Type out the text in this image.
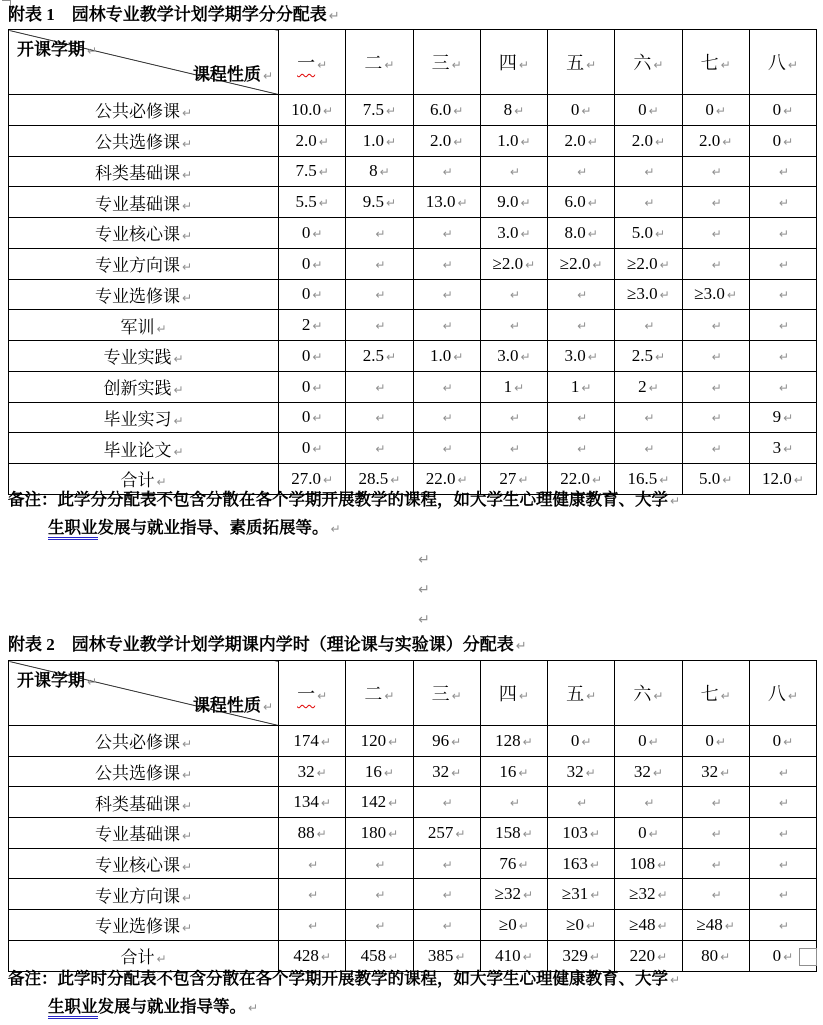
附表 1　园林专业教学计划学期学分分配表 ↵
开课学期 ↵
课程性质 ↵	一 ↵	二 ↵	三 ↵	四 ↵	五 ↵	六 ↵	七 ↵	八 ↵
公共必修课 ↵	10.0 ↵	7.5 ↵	6.0 ↵	8 ↵	0 ↵	0 ↵	0 ↵	0 ↵
公共选修课 ↵	2.0 ↵	1.0 ↵	2.0 ↵	1.0 ↵	2.0 ↵	2.0 ↵	2.0 ↵	0 ↵
科类基础课 ↵	7.5 ↵	8 ↵	↵	↵	↵	↵	↵	↵
专业基础课 ↵	5.5 ↵	9.5 ↵	13.0 ↵	9.0 ↵	6.0 ↵	↵	↵	↵
专业核心课 ↵	0 ↵	↵	↵	3.0 ↵	8.0 ↵	5.0 ↵	↵	↵
专业方向课 ↵	0 ↵	↵	↵	≥2.0 ↵	≥2.0 ↵	≥2.0 ↵	↵	↵
专业选修课 ↵	0 ↵	↵	↵	↵	↵	≥3.0 ↵	≥3.0 ↵	↵
军训 ↵	2 ↵	↵	↵	↵	↵	↵	↵	↵
专业实践 ↵	0 ↵	2.5 ↵	1.0 ↵	3.0 ↵	3.0 ↵	2.5 ↵	↵	↵
创新实践 ↵	0 ↵	↵	↵	1 ↵	1 ↵	2 ↵	↵	↵
毕业实习 ↵	0 ↵	↵	↵	↵	↵	↵	↵	9 ↵
毕业论文 ↵	0 ↵	↵	↵	↵	↵	↵	↵	3 ↵
合计 ↵	27.0 ↵	28.5 ↵	22.0 ↵	27 ↵	22.0 ↵	16.5 ↵	5.0 ↵	12.0 ↵
备注：此学分分配表不包含分散在各个学期开展教学的课程，如大学生心理健康教育、大学 ↵
生职业发展与就业指导、素质拓展等。 ↵
↵
↵
↵
附表 2　园林专业教学计划学期课内学时（理论课与实验课）分配表 ↵
开课学期 ↵
课程性质 ↵	一 ↵	二 ↵	三 ↵	四 ↵	五 ↵	六 ↵	七 ↵	八 ↵
公共必修课 ↵	174 ↵	120 ↵	96 ↵	128 ↵	0 ↵	0 ↵	0 ↵	0 ↵
公共选修课 ↵	32 ↵	16 ↵	32 ↵	16 ↵	32 ↵	32 ↵	32 ↵	↵
科类基础课 ↵	134 ↵	142 ↵	↵	↵	↵	↵	↵	↵
专业基础课 ↵	88 ↵	180 ↵	257 ↵	158 ↵	103 ↵	0 ↵	↵	↵
专业核心课 ↵	↵	↵	↵	76 ↵	163 ↵	108 ↵	↵	↵
专业方向课 ↵	↵	↵	↵	≥32 ↵	≥31 ↵	≥32 ↵	↵	↵
专业选修课 ↵	↵	↵	↵	≥0 ↵	≥0 ↵	≥48 ↵	≥48 ↵	↵
合计 ↵	428 ↵	458 ↵	385 ↵	410 ↵	329 ↵	220 ↵	80 ↵	0 ↵
备注：此学时分配表不包含分散在各个学期开展教学的课程，如大学生心理健康教育、大学 ↵
生职业发展与就业指导等。 ↵
